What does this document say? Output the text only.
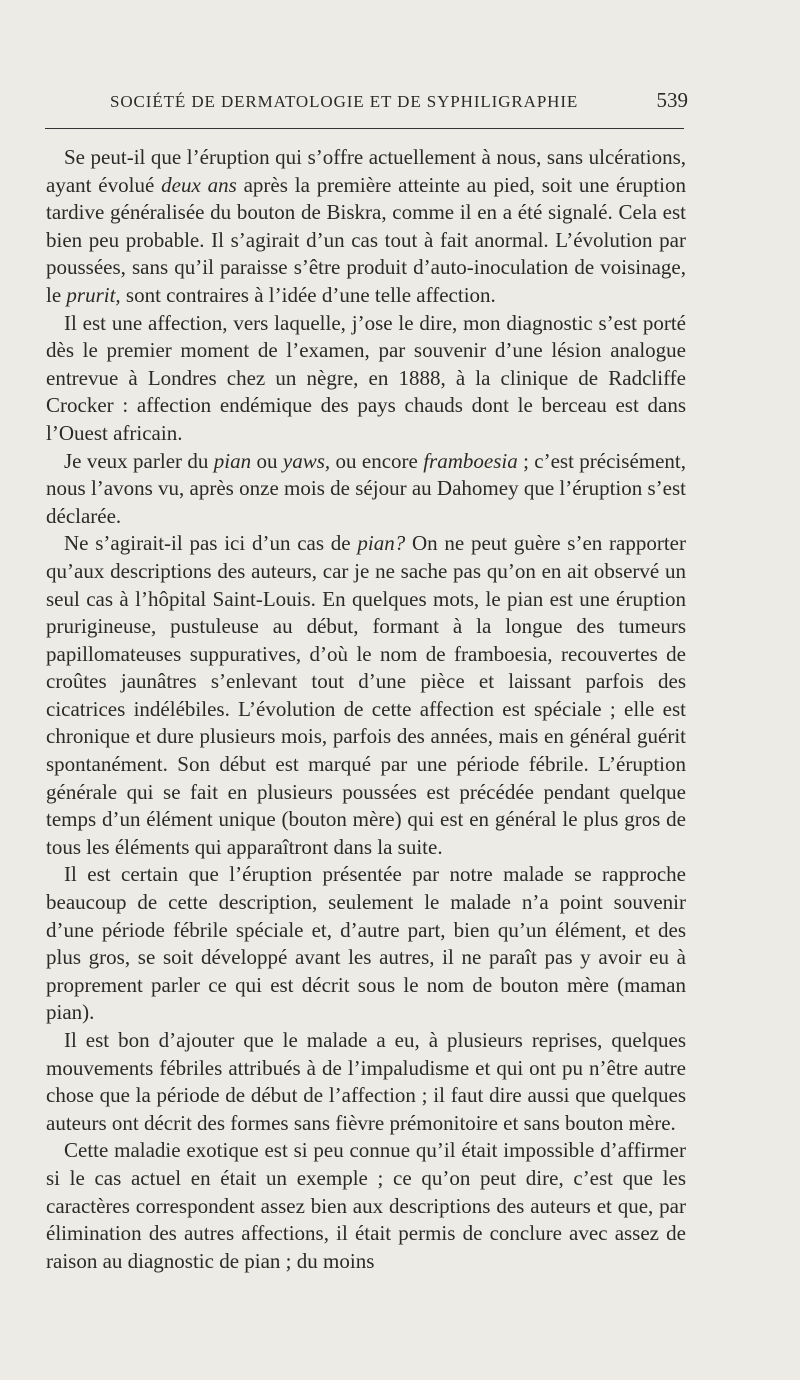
SOCIÉTÉ DE DERMATOLOGIE ET DE SYPHILIGRAPHIE	539

Se peut-il que l’éruption qui s’offre actuellement à nous, sans ulcérations, ayant évolué deux ans après la première atteinte au pied, soit une éruption tardive généralisée du bouton de Biskra, comme il en a été signalé. Cela est bien peu probable. Il s’agirait d’un cas tout à fait anormal. L’évolution par poussées, sans qu’il paraisse s’être produit d’auto-inoculation de voisinage, le prurit, sont contraires à l’idée d’une telle affection.

Il est une affection, vers laquelle, j’ose le dire, mon diagnostic s’est porté dès le premier moment de l’examen, par souvenir d’une lésion analogue entrevue à Londres chez un nègre, en 1888, à la clinique de Radcliffe Crocker : affection endémique des pays chauds dont le berceau est dans l’Ouest africain.

Je veux parler du pian ou yaws, ou encore framboesia ; c’est précisément, nous l’avons vu, après onze mois de séjour au Dahomey que l’éruption s’est déclarée.

Ne s’agirait-il pas ici d’un cas de pian? On ne peut guère s’en rapporter qu’aux descriptions des auteurs, car je ne sache pas qu’on en ait observé un seul cas à l’hôpital Saint-Louis. En quelques mots, le pian est une éruption prurigineuse, pustuleuse au début, formant à la longue des tumeurs papillomateuses suppuratives, d’où le nom de framboesia, recouvertes de croûtes jaunâtres s’enlevant tout d’une pièce et laissant parfois des cicatrices indélébiles. L’évolution de cette affection est spéciale ; elle est chronique et dure plusieurs mois, parfois des années, mais en général guérit spontanément. Son début est marqué par une période fébrile. L’éruption générale qui se fait en plusieurs poussées est précédée pendant quelque temps d’un élément unique (bouton mère) qui est en général le plus gros de tous les éléments qui apparaîtront dans la suite.

Il est certain que l’éruption présentée par notre malade se rapproche beaucoup de cette description, seulement le malade n’a point souvenir d’une période fébrile spéciale et, d’autre part, bien qu’un élément, et des plus gros, se soit développé avant les autres, il ne paraît pas y avoir eu à proprement parler ce qui est décrit sous le nom de bouton mère (maman pian).

Il est bon d’ajouter que le malade a eu, à plusieurs reprises, quelques mouvements fébriles attribués à de l’impaludisme et qui ont pu n’être autre chose que la période de début de l’affection ; il faut dire aussi que quelques auteurs ont décrit des formes sans fièvre prémonitoire et sans bouton mère.

Cette maladie exotique est si peu connue qu’il était impossible d’affirmer si le cas actuel en était un exemple ; ce qu’on peut dire, c’est que les caractères correspondent assez bien aux descriptions des auteurs et que, par élimination des autres affections, il était permis de conclure avec assez de raison au diagnostic de pian ; du moins
